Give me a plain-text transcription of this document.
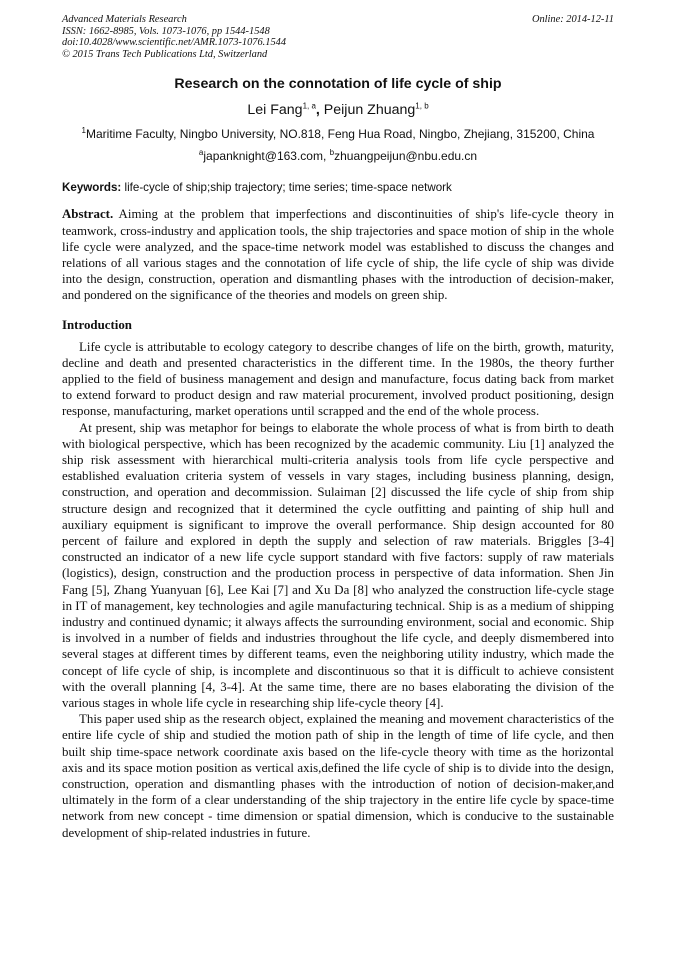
Advanced Materials Research
ISSN: 1662-8985, Vols. 1073-1076, pp 1544-1548
doi:10.4028/www.scientific.net/AMR.1073-1076.1544
© 2015 Trans Tech Publications Ltd, Switzerland
Online: 2014-12-11
Research on the connotation of life cycle of ship
Lei Fang$^{1, a}$, Peijun Zhuang$^{1, b}$
$^1$Maritime Faculty, Ningbo University, NO.818, Feng Hua Road, Ningbo, Zhejiang, 315200, China
$^a$japanknight@163.com, $^b$zhuangpeijun@nbu.edu.cn
Keywords: life-cycle of ship;ship trajectory; time series; time-space network
Abstract. Aiming at the problem that imperfections and discontinuities of ship's life-cycle theory in teamwork, cross-industry and application tools, the ship trajectories and space motion of ship in the whole life cycle were analyzed, and the space-time network model was established to discuss the changes and relations of all various stages and the connotation of life cycle of ship, the life cycle of ship was divide into the design, construction, operation and dismantling phases with the introduction of decision-maker, and pondered on the significance of the theories and models on green ship.
Introduction

Life cycle is attributable to ecology category to describe changes of life on the birth, growth, maturity, decline and death and presented characteristics in the different time. In the 1980s, the theory further applied to the field of business management and design and manufacture, focus dating back from market to extend forward to product design and raw material procurement, involved product positioning, design response, manufacturing, market operations until scrapped and the end of the whole process.

At present, ship was metaphor for beings to elaborate the whole process of what is from birth to death with biological perspective, which has been recognized by the academic community. Liu [1] analyzed the ship risk assessment with hierarchical multi-criteria analysis tools from life cycle perspective and established evaluation criteria system of vessels in vary stages, including business planning, design, construction, and operation and decommission. Sulaiman [2] discussed the life cycle of ship from ship structure design and recognized that it determined the cycle outfitting and painting of ship hull and auxiliary equipment is significant to improve the overall performance. Ship design accounted for 80 percent of failure and explored in depth the supply and selection of raw materials. Briggles [3-4] constructed an indicator of a new life cycle support standard with five factors: supply of raw materials (logistics), design, construction and the production process in perspective of data information. Shen Jin Fang [5], Zhang Yuanyuan [6], Lee Kai [7] and Xu Da [8] who analyzed the construction life-cycle stage in IT of management, key technologies and agile manufacturing technical. Ship is as a medium of shipping industry and continued dynamic; it always affects the surrounding environment, social and economic. Ship is involved in a number of fields and industries throughout the life cycle, and deeply dismembered into several stages at different times by different teams, even the neighboring utility industry, which made the concept of life cycle of ship, is incomplete and discontinuous so that it is difficult to achieve consistent with the overall planning [4, 3-4]. At the same time, there are no bases elaborating the division of the various stages in whole life cycle in researching ship life-cycle theory [4].

This paper used ship as the research object, explained the meaning and movement characteristics of the entire life cycle of ship and studied the motion path of ship in the length of time of life cycle, and then built ship time-space network coordinate axis based on the life-cycle theory with time as the horizontal axis and its space motion position as vertical axis,defined the life cycle of ship is to divide into the design, construction, operation and dismantling phases with the introduction of notion of decision-maker,and ultimately in the form of a clear understanding of the ship trajectory in the entire life cycle by space-time network from new concept - time dimension or spatial dimension, which is conducive to the sustainable development of ship-related industries in future.
